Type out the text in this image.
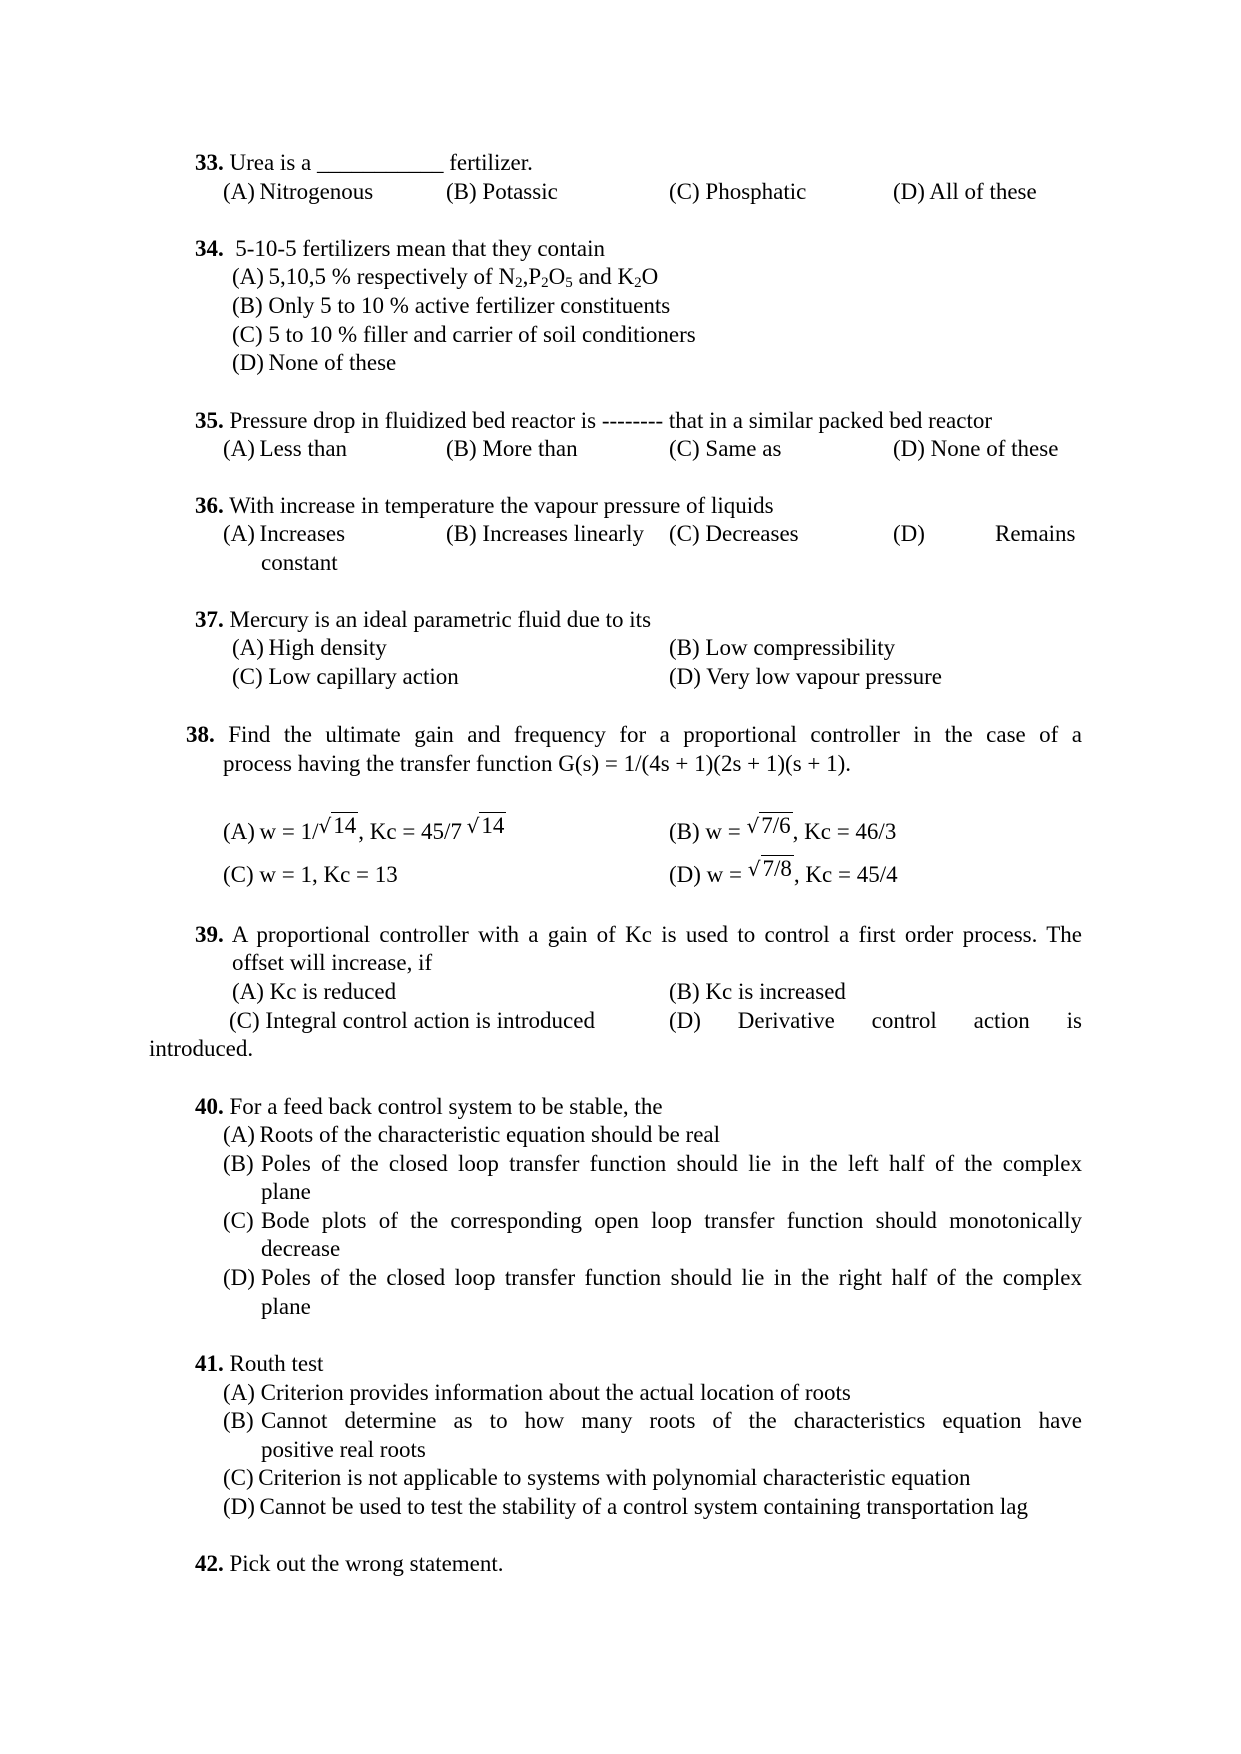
33. Urea is a ___________ fertilizer.
(A) Nitrogenous	(B) Potassic	(C) Phosphatic	(D) All of these
34. 5-10-5 fertilizers mean that they contain
(A) 5,10,5 % respectively of $N_2,P_2O_5$ and $K_2O$
(B) Only 5 to 10 % active fertilizer constituents
(C) 5 to 10 % filler and carrier of soil conditioners
(D) None of these
35. Pressure drop in fluidized bed reactor is -------- that in a similar packed bed reactor
(A) Less than	(B) More than	(C) Same as	(D) None of these
36. With increase in temperature the vapour pressure of liquids
(A) Increases	(B) Increases linearly (C) Decreases	(D)	Remains
constant
37. Mercury is an ideal parametric fluid due to its
(A) High density	(B) Low compressibility
(C) Low capillary action	(D) Very low vapour pressure
38. Find the ultimate gain and frequency for a proportional controller in the case of a
process having the transfer function G(s) = 1/(4s + 1)(2s + 1)(s + 1).
(A) w = 1/√14, Kc = 45/7  √14	(B) w = √7/6, Kc = 46/3
(C) w = 1, Kc = 13	(D) w = √7/8, Kc = 45/4
39. A proportional controller with a gain of Kc is used to control a first order process. The
offset will increase, if
(A) Kc is reduced	(B) Kc is increased
(C) Integral control action is introduced	(D) Derivative control action is
introduced.
40. For a feed back control system to be stable, the
(A) Roots of the characteristic equation should be real
(B) Poles of the closed loop transfer function should lie in the left half of the complex
plane
(C) Bode plots of the corresponding open loop transfer function should monotonically
decrease
(D) Poles of the closed loop transfer function should lie in the right half of the complex
plane
41. Routh test
(A) Criterion provides information about the actual location of roots
(B) Cannot determine as to how many roots of the characteristics equation have
positive real roots
(C) Criterion is not applicable to systems with polynomial characteristic equation
(D) Cannot be used to test the stability of a control system containing transportation lag
42. Pick out the wrong statement.
